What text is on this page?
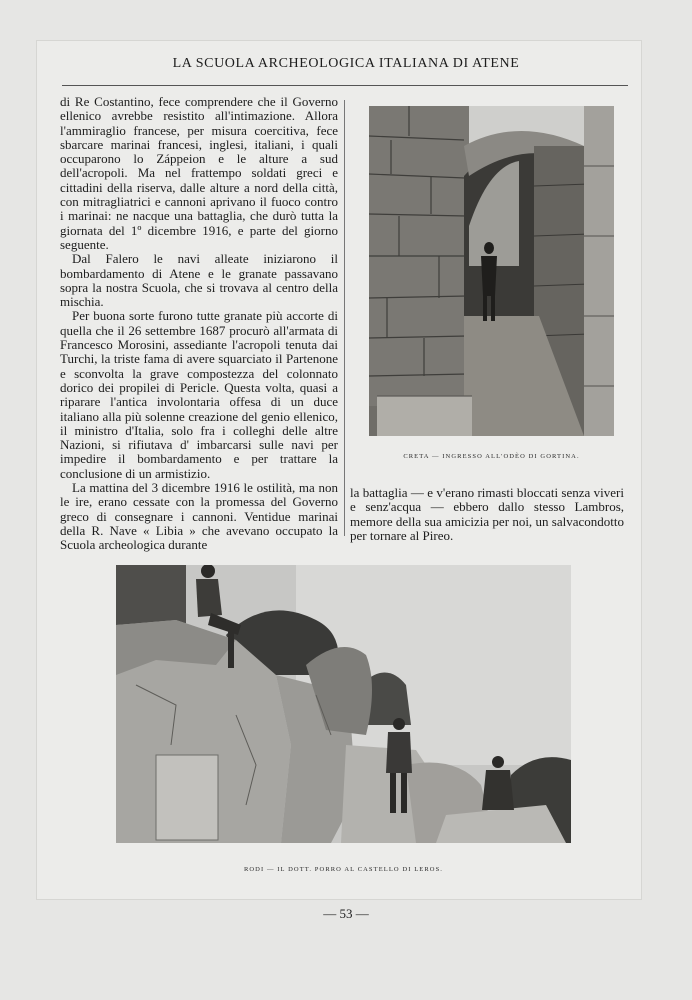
LA SCUOLA ARCHEOLOGICA ITALIANA DI ATENE

di Re Costantino, fece comprendere che il Governo ellenico avrebbe resistito all'intimazione. Allora l'ammiraglio francese, per misura coercitiva, fece sbarcare marinai francesi, inglesi, italiani, i quali occuparono lo Záppeion e le alture a sud dell'acropoli. Ma nel frattempo soldati greci e cittadini della riserva, dalle alture a nord della città, con mitragliatrici e cannoni aprivano il fuoco contro i marinai: ne nacque una battaglia, che durò tutta la giornata del 1º dicembre 1916, e parte del giorno seguente.

Dal Falero le navi alleate iniziarono il bombardamento di Atene e le granate passavano sopra la nostra Scuola, che si trovava al centro della mischia.

Per buona sorte furono tutte granate più accorte di quella che il 26 settembre 1687 procurò all'armata di Francesco Morosini, assediante l'acropoli tenuta dai Turchi, la triste fama di avere squarciato il Partenone e sconvolta la grave compostezza del colonnato dorico dei propilei di Pericle. Questa volta, quasi a riparare l'antica involontaria offesa di un duce italiano alla più solenne creazione del genio ellenico, il ministro d'Italia, solo fra i colleghi delle altre Nazioni, si rifiutava d' imbarcarsi sulle navi per impedire il bombardamento e per trattare la conclusione di un armistizio.

La mattina del 3 dicembre 1916 le ostilità, ma non le ire, erano cessate con la promessa del Governo greco di consegnare i cannoni. Ventidue marinai della R. Nave « Libia » che avevano occupato la Scuola archeologica durante

CRETA — INGRESSO ALL'ODÈO DI GORTINA.

la battaglia — e v'erano rimasti bloccati senza viveri e senz'acqua — ebbero dallo stesso Lambros, memore della sua amicizia per noi, un salvacondotto per tornare al Pireo.

RODI — IL DOTT. PORRO AL CASTELLO DI LEROS.
— 53 —
